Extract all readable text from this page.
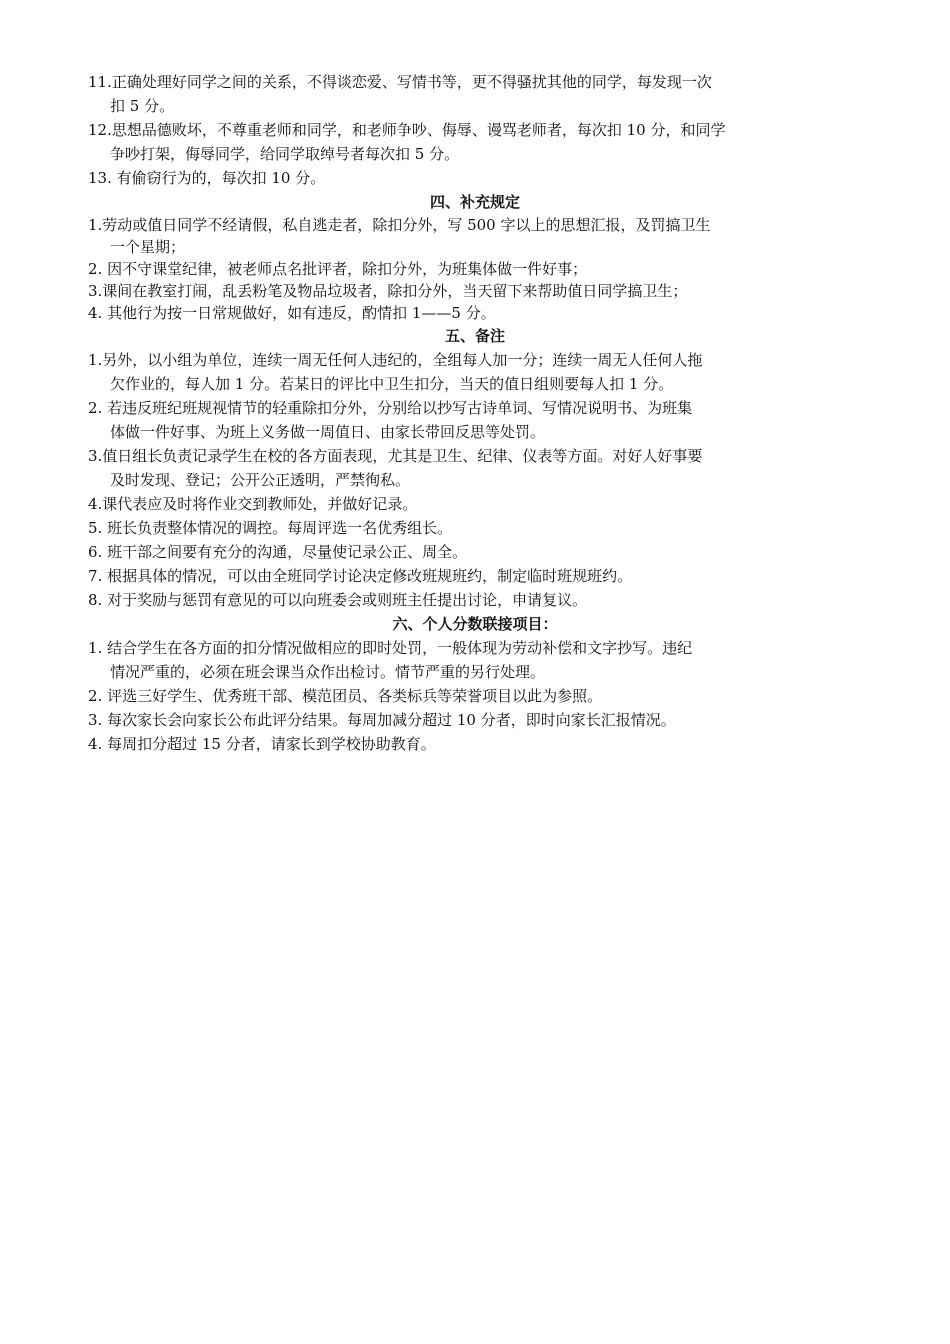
11.正确处理好同学之间的关系，不得谈恋爱、写情书等，更不得骚扰其他的同学，每发现一次
扣 5 分。
12.思想品德败坏，不尊重老师和同学，和老师争吵、侮辱、谩骂老师者，每次扣 10 分，和同学
争吵打架，侮辱同学，给同学取绰号者每次扣 5 分。
13. 有偷窃行为的，每次扣 10 分。
四、补充规定
1.劳动或值日同学不经请假，私自逃走者，除扣分外，写 500 字以上的思想汇报，及罚搞卫生
一个星期；
2. 因不守课堂纪律，被老师点名批评者，除扣分外，为班集体做一件好事；
3.课间在教室打闹，乱丢粉笔及物品垃圾者，除扣分外，当天留下来帮助值日同学搞卫生；
4. 其他行为按一日常规做好，如有违反，酌情扣 1——5 分。
五、备注
1.另外，以小组为单位，连续一周无任何人违纪的，全组每人加一分；连续一周无人任何人拖
欠作业的，每人加 1 分。若某日的评比中卫生扣分，当天的值日组则要每人扣 1 分。
2. 若违反班纪班规视情节的轻重除扣分外，分别给以抄写古诗单词、写情况说明书、为班集
体做一件好事、为班上义务做一周值日、由家长带回反思等处罚。
3.值日组长负责记录学生在校的各方面表现，尤其是卫生、纪律、仪表等方面。对好人好事要
及时发现、登记；公开公正透明，严禁徇私。
4.课代表应及时将作业交到教师处，并做好记录。
5. 班长负责整体情况的调控。每周评选一名优秀组长。
6. 班干部之间要有充分的沟通，尽量使记录公正、周全。
7. 根据具体的情况，可以由全班同学讨论决定修改班规班约，制定临时班规班约。
8. 对于奖励与惩罚有意见的可以向班委会或则班主任提出讨论，申请复议。
六、个人分数联接项目：
1. 结合学生在各方面的扣分情况做相应的即时处罚，一般体现为劳动补偿和文字抄写。违纪
情况严重的，必须在班会课当众作出检讨。情节严重的另行处理。
2. 评选三好学生、优秀班干部、模范团员、各类标兵等荣誉项目以此为参照。
3. 每次家长会向家长公布此评分结果。每周加减分超过 10 分者，即时向家长汇报情况。
4. 每周扣分超过 15 分者，请家长到学校协助教育。
